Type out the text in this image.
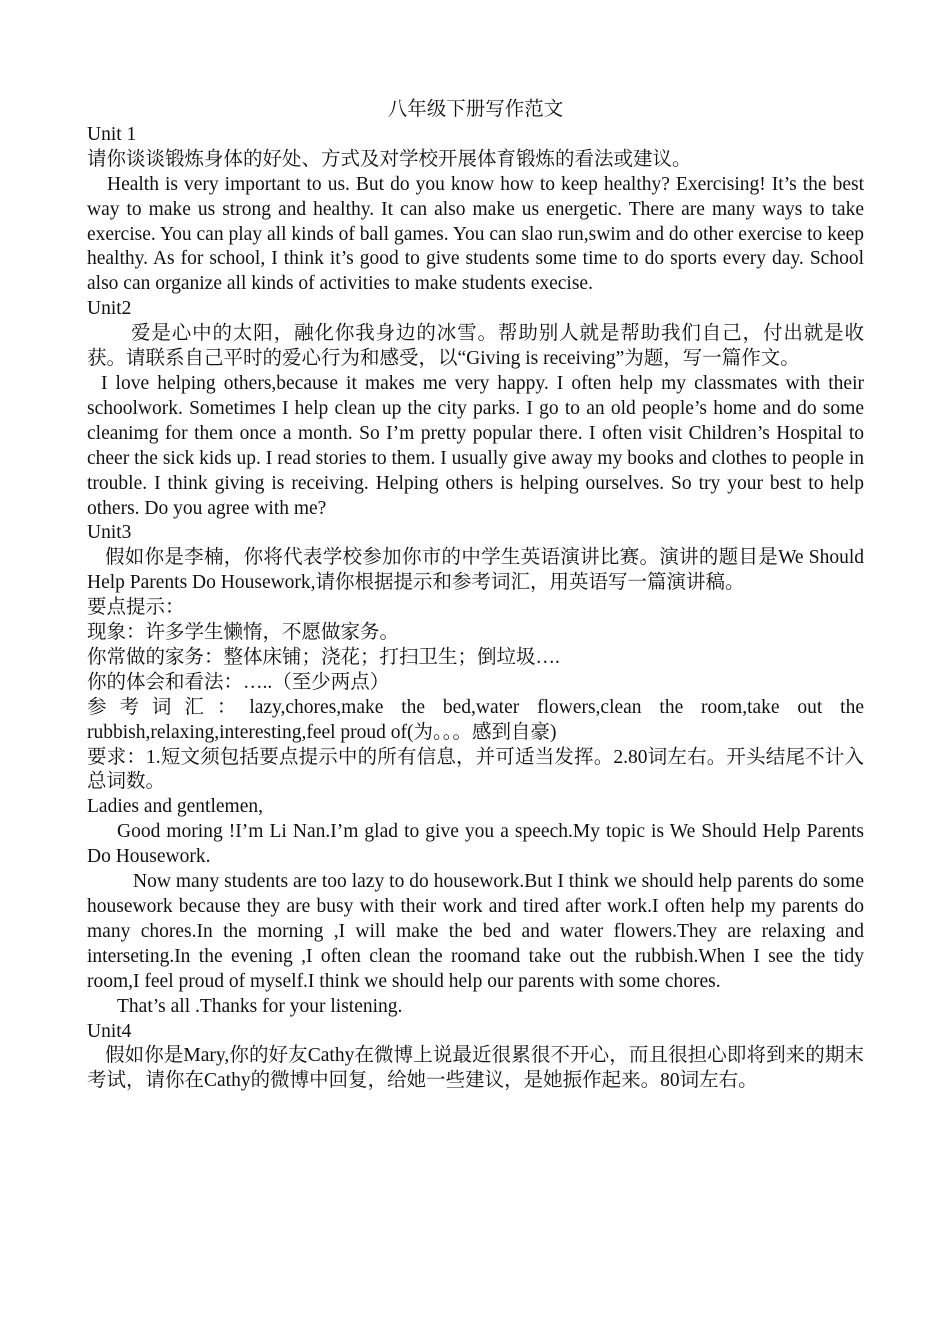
八年级下册写作范文

Unit 1

请你谈谈锻炼身体的好处、方式及对学校开展体育锻炼的看法或建议。

Health is very important to us. But do you know how to keep healthy? Exercising! It’s the best way to make us strong and healthy. It can also make us energetic. There are many ways to take exercise. You can play all kinds of ball games. You can slao run,swim and do other exercise to keep healthy. As for school, I think it’s good to give students some time to do sports every day. School also can organize all kinds of activities to make students execise.

Unit2

爱是心中的太阳，融化你我身边的冰雪。帮助别人就是帮助我们自己，付出就是收获。请联系自己平时的爱心行为和感受，以“Giving is receiving”为题，写一篇作文。

I love helping others,because it makes me very happy. I often help my classmates with their schoolwork. Sometimes I help clean up the city parks. I go to an old people’s home and do some cleanimg for them once a month. So I’m pretty popular there. I often visit Children’s Hospital to cheer the sick kids up. I read stories to them. I usually give away my books and clothes to people in trouble. I think giving is receiving. Helping others is helping ourselves. So try your best to help others. Do you agree with me?

Unit3

假如你是李楠，你将代表学校参加你市的中学生英语演讲比赛。演讲的题目是We Should Help Parents Do Housework,请你根据提示和参考词汇，用英语写一篇演讲稿。

要点提示：

现象：许多学生懒惰，不愿做家务。

你常做的家务：整体床铺；浇花；打扫卫生；倒垃圾….

你的体会和看法：…..（至少两点）

参考词汇：lazy,chores,make the bed,water flowers,clean the room,take out the rubbish,relaxing,interesting,feel proud of(为。。。感到自豪)

要求：1.短文须包括要点提示中的所有信息，并可适当发挥。2.80词左右。开头结尾不计入总词数。

Ladies and gentlemen,

Good moring !I’m Li Nan.I’m glad to give you a speech.My topic is We Should Help Parents Do Housework.

Now many students are too lazy to do housework.But I think we should help parents do some housework because they are busy with their work and tired after work.I often help my parents do many chores.In the morning ,I will make the bed and water flowers.They are relaxing and interseting.In the evening ,I often clean the roomand take out the rubbish.When I see the tidy room,I feel proud of myself.I think we should help our parents with some chores.

That’s all .Thanks for your listening.

Unit4

假如你是Mary,你的好友Cathy在微博上说最近很累很不开心，而且很担心即将到来的期末考试，请你在Cathy的微博中回复，给她一些建议，是她振作起来。80词左右。
